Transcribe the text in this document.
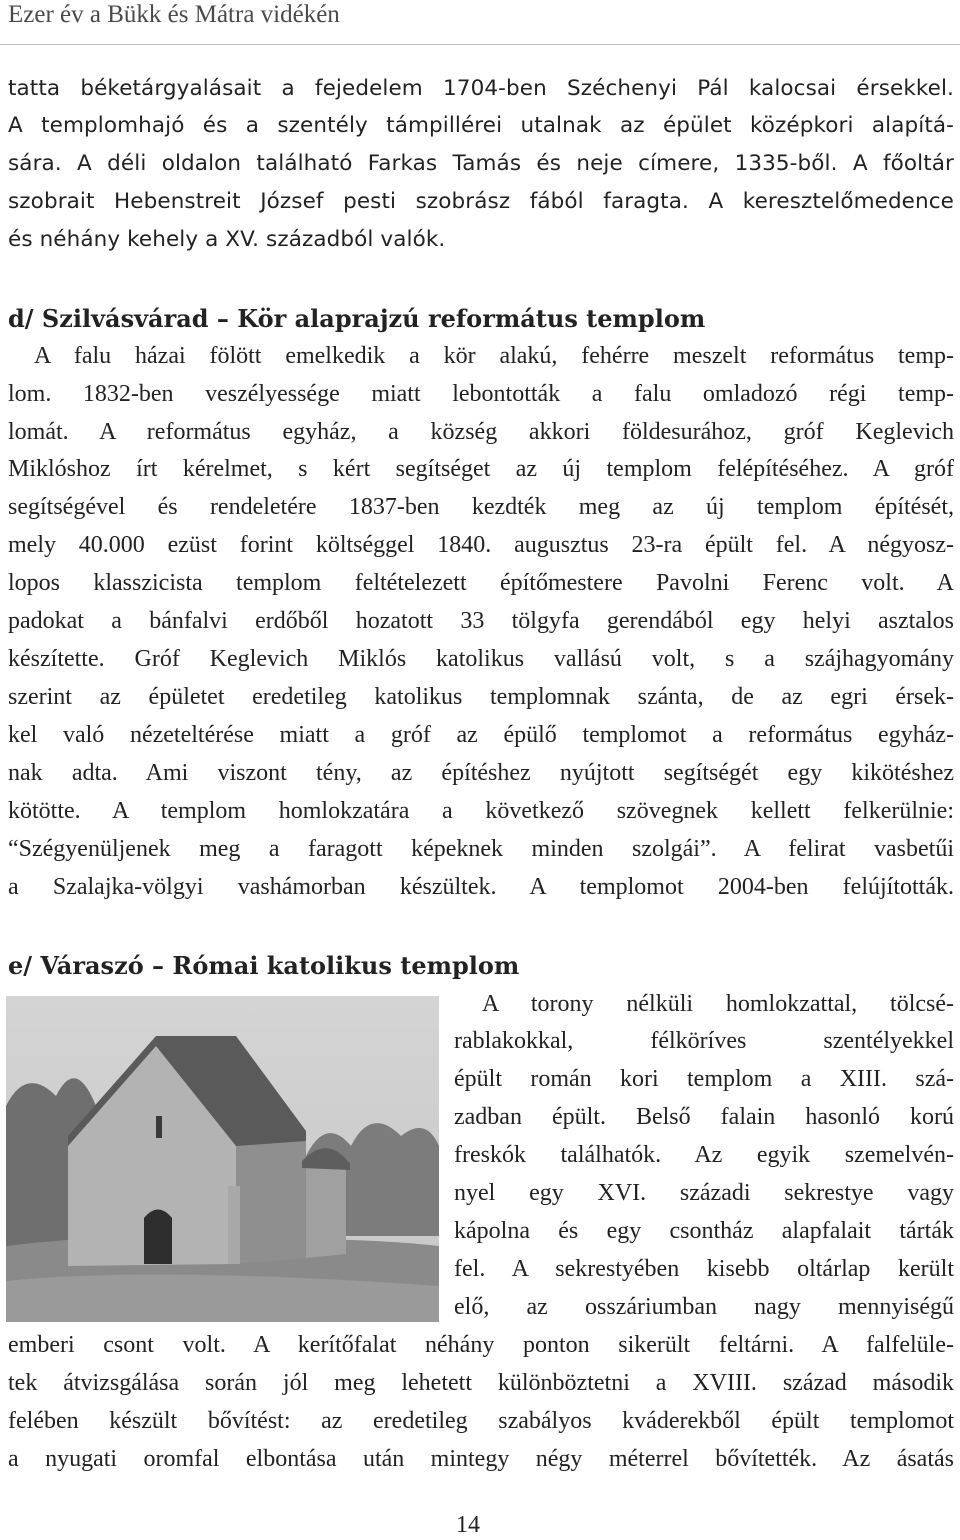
Ezer év a Bükk és Mátra vidékén
tatta béketárgyalásait a fejedelem 1704-ben Széchenyi Pál kalocsai érsekkel.
A templomhajó és a szentély támpillérei utalnak az épület középkori alapítá-
sára. A déli oldalon található Farkas Tamás és neje címere, 1335-ből. A főoltár
szobrait Hebenstreit József pesti szobrász fából faragta. A keresztelőmedence
és néhány kehely a XV. századból valók.
d/ Szilvásvárad – Kör alaprajzú református templom
A falu házai fölött emelkedik a kör alakú, fehérre meszelt református temp-
lom. 1832-ben veszélyessége miatt lebontották a falu omladozó régi temp-
lomát. A református egyház, a község akkori földesurához, gróf Keglevich
Miklóshoz írt kérelmet, s kért segítséget az új templom felépítéséhez. A gróf
segítségével és rendeletére 1837-ben kezdték meg az új templom építését,
mely 40.000 ezüst forint költséggel 1840. augusztus 23-ra épült fel. A négyosz-
lopos klasszicista templom feltételezett építőmestere Pavolni Ferenc volt. A
padokat a bánfalvi erdőből hozatott 33 tölgyfa gerendából egy helyi asztalos
készítette. Gróf Keglevich Miklós katolikus vallású volt, s a szájhagyomány
szerint az épületet eredetileg katolikus templomnak szánta, de az egri érsek-
kel való nézeteltérése miatt a gróf az épülő templomot a református egyház-
nak adta. Ami viszont tény, az építéshez nyújtott segítségét egy kikötéshez
kötötte. A templom homlokzatára a következő szövegnek kellett felkerülnie:
“Szégyenüljenek meg a faragott képeknek minden szolgái”. A felirat vasbetűi
a Szalajka-völgyi vashámorban készültek. A templomot 2004-ben felújították.
e/ Váraszó – Római katolikus templom
A torony nélküli homlokzattal, tölcsé-
rablakokkal, félköríves szentélyekkel
épült román kori templom a XIII. szá-
zadban épült. Belső falain hasonló korú
freskók találhatók. Az egyik szemelvén-
nyel egy XVI. századi sekrestye vagy
kápolna és egy csontház alapfalait tárták
fel. A sekrestyében kisebb oltárlap került
elő, az osszáriumban nagy mennyiségű
emberi csont volt. A kerítőfalat néhány ponton sikerült feltárni. A falfelüle-
tek átvizsgálása során jól meg lehetett különböztetni a XVIII. század második
felében készült bővítést: az eredetileg szabályos kváderekből épült templomot
a nyugati oromfal elbontása után mintegy négy méterrel bővítették. Az ásatás
14
